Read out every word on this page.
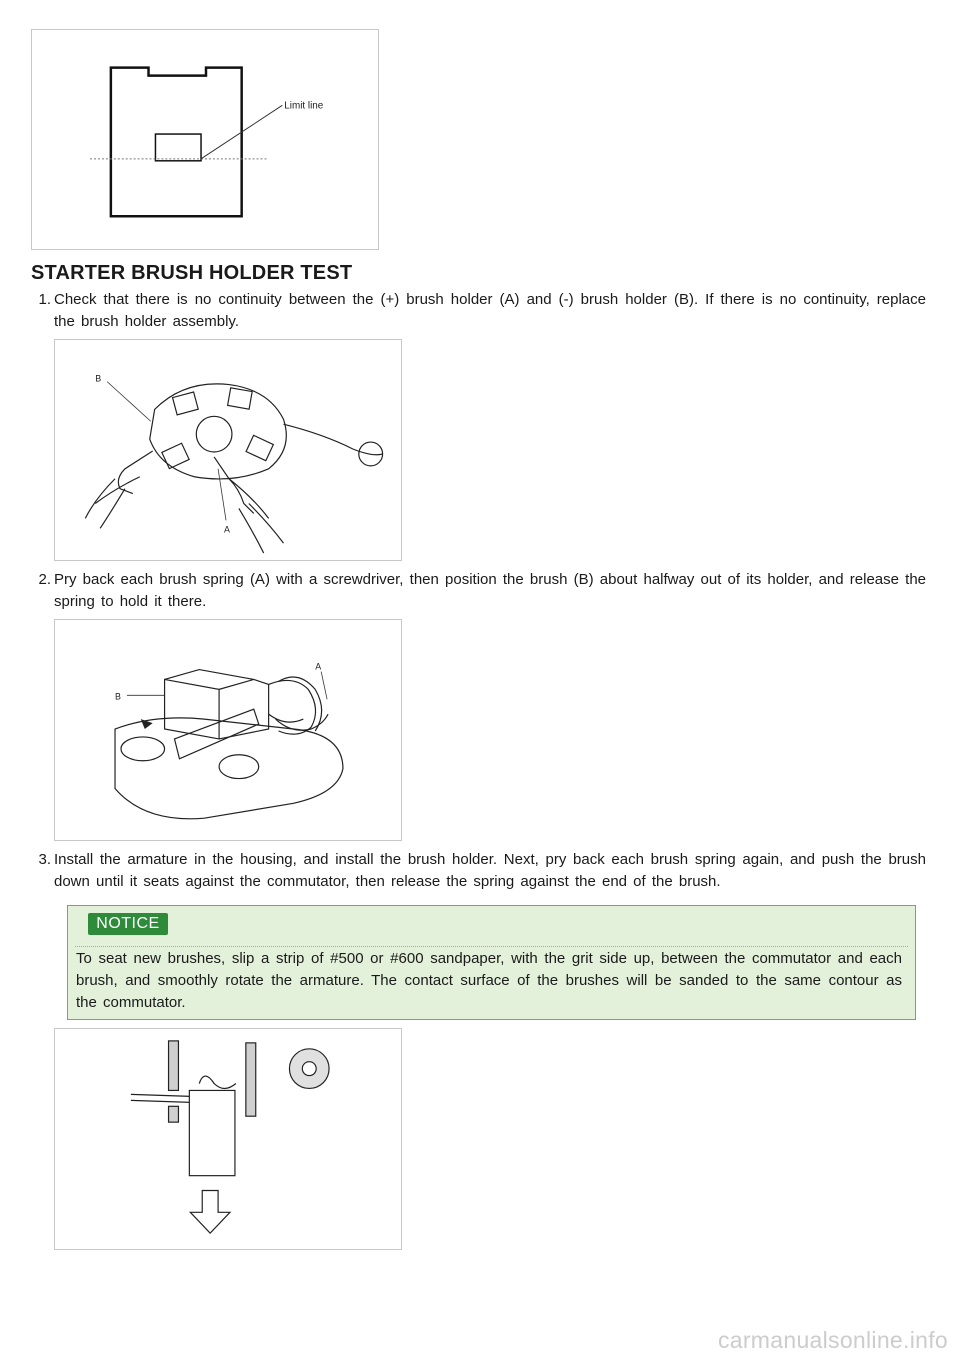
Limit line
STARTER BRUSH HOLDER TEST
1. Check that there is no continuity between the (+) brush holder (A) and (-) brush holder (B). If there is no continuity, replace the brush holder assembly.
B
A
2. Pry back each brush spring (A) with a screwdriver, then position the brush (B) about halfway out of its holder, and release the spring to hold it there.
B
A
3. Install the armature in the housing, and install the brush holder. Next, pry back each brush spring again, and push the brush down until it seats against the commutator, then release the spring against the end of the brush.
NOTICE
To seat new brushes, slip a strip of #500 or #600 sandpaper, with the grit side up, between the commutator and each brush, and smoothly rotate the armature. The contact surface of the brushes will be sanded to the same contour as the commutator.
carmanualsonline.info
